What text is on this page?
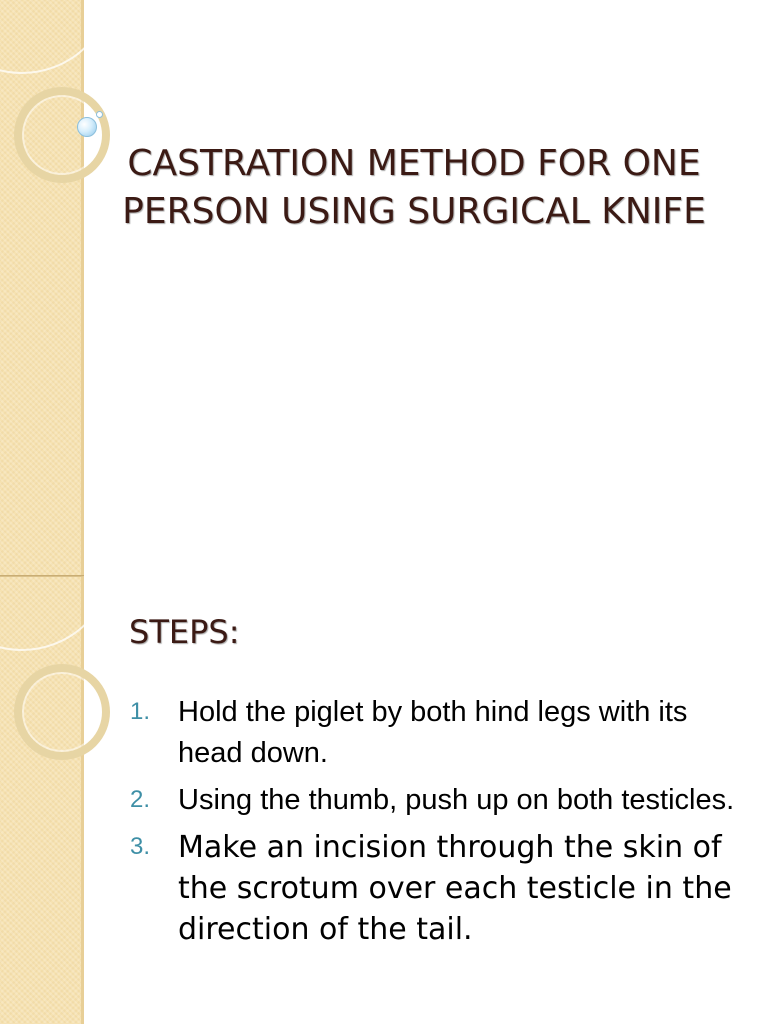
CASTRATION METHOD FOR ONE PERSON USING SURGICAL KNIFE
STEPS:
1. Hold the piglet by both hind legs with its head down.
2. Using the thumb, push up on both testicles.
3. Make an incision through the skin of the scrotum over each testicle in the direction of the tail.
